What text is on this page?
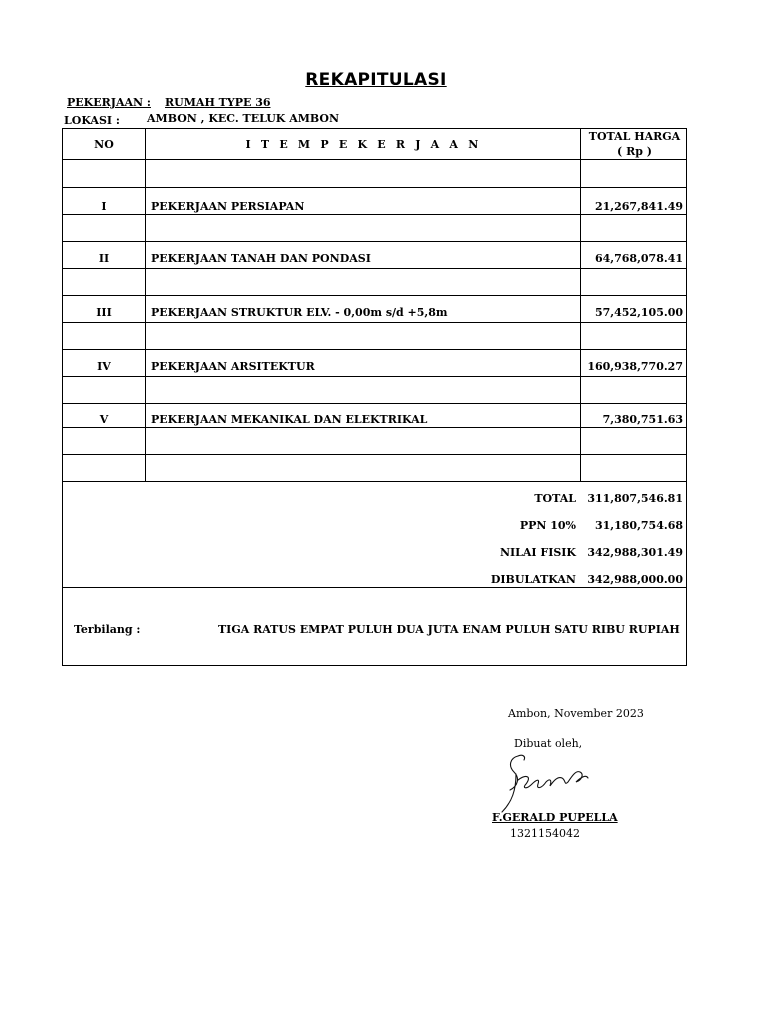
REKAPITULASI
PEKERJAAN : RUMAH TYPE 36
LOKASI : AMBON , KEC. TELUK AMBON
NO	I T E M P E K E R J A A N
TOTAL HARGA
( Rp )
I	PEKERJAAN PERSIAPAN	21,267,841.49
II	PEKERJAAN TANAH DAN PONDASI	64,768,078.41
III	PEKERJAAN STRUKTUR ELV. - 0,00m s/d +5,8m	57,452,105.00
IV	PEKERJAAN ARSITEKTUR	160,938,770.27
V	PEKERJAAN MEKANIKAL DAN ELEKTRIKAL	7,380,751.63
TOTAL 311,807,546.81
PPN 10% 31,180,754.68
NILAI FISIK 342,988,301.49
DIBULATKAN 342,988,000.00
Terbilang :	TIGA RATUS EMPAT PULUH DUA JUTA ENAM PULUH SATU RIBU RUPIAH
Ambon, November 2023
Dibuat oleh,
F.GERALD PUPELLA
1321154042
